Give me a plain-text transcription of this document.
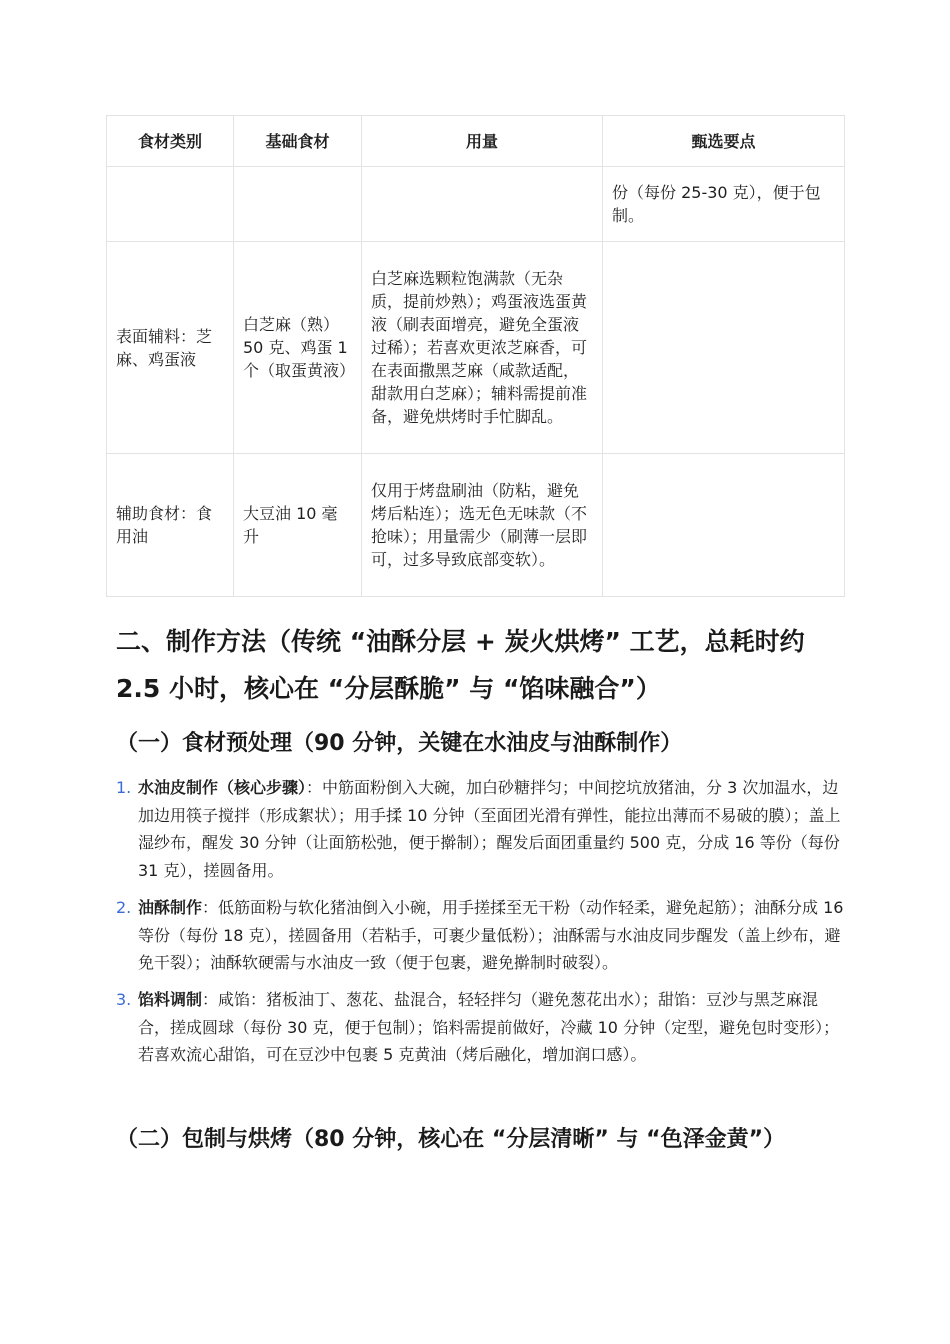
食材类别	基础食材	用量	甄选要点
			份（每份 25-30 克），便于包制。
表面辅料：芝麻、鸡蛋液	白芝麻（熟）50 克、鸡蛋 1 个（取蛋黄液）	白芝麻选颗粒饱满款（无杂质，提前炒熟）；鸡蛋液选蛋黄液（刷表面增亮，避免全蛋液过稀）；若喜欢更浓芝麻香，可在表面撒黑芝麻（咸款适配，甜款用白芝麻）；辅料需提前准备，避免烘烤时手忙脚乱。	
辅助食材：食用油	大豆油 10 毫升	仅用于烤盘刷油（防粘，避免烤后粘连）；选无色无味款（不抢味）；用量需少（刷薄一层即可，过多导致底部变软）。	
二、制作方法（传统 “油酥分层 + 炭火烘烤” 工艺，总耗时约 2.5 小时，核心在 “分层酥脆” 与 “馅味融合”）
（一）食材预处理（90 分钟，关键在水油皮与油酥制作）
1. 水油皮制作（核心步骤）：中筋面粉倒入大碗，加白砂糖拌匀；中间挖坑放猪油，分 3 次加温水，边加边用筷子搅拌（形成絮状）；用手揉 10 分钟（至面团光滑有弹性，能拉出薄而不易破的膜）；盖上湿纱布，醒发 30 分钟（让面筋松弛，便于擀制）；醒发后面团重量约 500 克，分成 16 等份（每份 31 克），搓圆备用。
2. 油酥制作：低筋面粉与软化猪油倒入小碗，用手搓揉至无干粉（动作轻柔，避免起筋）；油酥分成 16 等份（每份 18 克），搓圆备用（若粘手，可裹少量低粉）；油酥需与水油皮同步醒发（盖上纱布，避免干裂）；油酥软硬需与水油皮一致（便于包裹，避免擀制时破裂）。
3. 馅料调制：咸馅：猪板油丁、葱花、盐混合，轻轻拌匀（避免葱花出水）；甜馅：豆沙与黑芝麻混合，搓成圆球（每份 30 克，便于包制）；馅料需提前做好，冷藏 10 分钟（定型，避免包时变形）；若喜欢流心甜馅，可在豆沙中包裹 5 克黄油（烤后融化，增加润口感）。
（二）包制与烘烤（80 分钟，核心在 “分层清晰” 与 “色泽金黄”）
